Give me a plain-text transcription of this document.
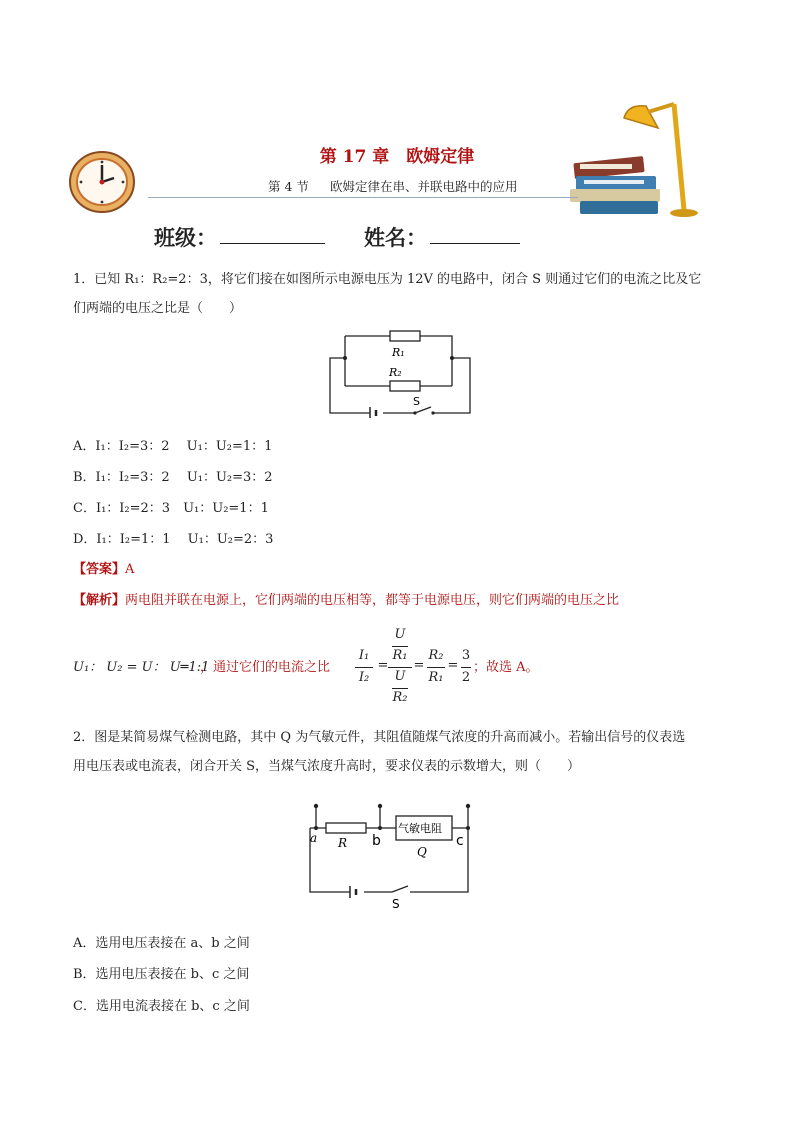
第 17 章　欧姆定律
第 4 节 欧姆定律在串、并联电路中的应用
班级：	姓名：
1．已知 R₁：R₂=2：3，将它们接在如图所示电源电压为 12V 的电路中，闭合 S 则通过它们的电流之比及它
们两端的电压之比是（　　）
R₁
R₂
S
A．I₁：I₂=3：2　 U₁：U₂=1：1
B．I₁：I₂=3：2　 U₁：U₂=3：2
C．I₁：I₂=2：3　U₁：U₂=1：1
D．I₁：I₂=1：1　 U₁：U₂=2：3
【答案】A
【解析】两电阻并联在电源上，它们两端的电压相等，都等于电源电压，则它们两端的电压之比
U₁： U₂ = U： U═1:1
，通过它们的电流之比
I₁
I₂
=
U
R₁
U
R₂
=
R₂
R₁
=
3
2
；故选 A。
2．图是某简易煤气检测电路，其中 Q 为气敏元件，其阻值随煤气浓度的升高而减小。若输出信号的仪表选
用电压表或电流表，闭合开关 S，当煤气浓度升高时，要求仪表的示数增大，则（　　）
a	b	c
R
气敏电阻
Q
S
A．选用电压表接在 a、b 之间
B．选用电压表接在 b、c 之间
C．选用电流表接在 b、c 之间
